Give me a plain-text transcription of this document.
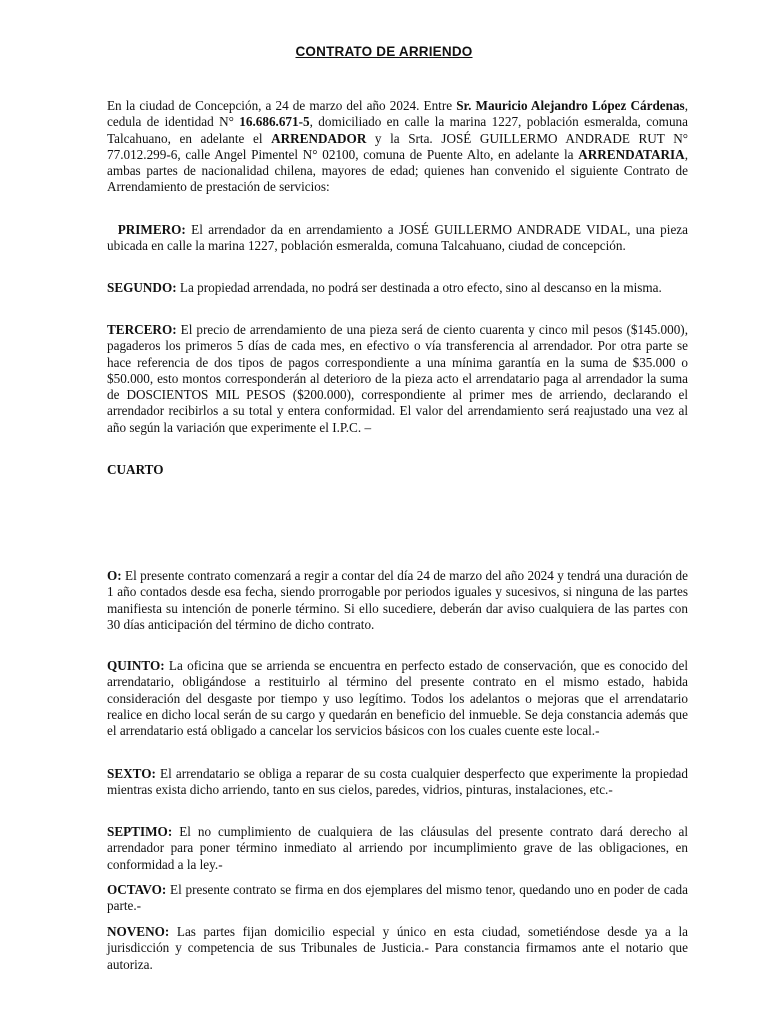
CONTRATO DE ARRIENDO

En la ciudad de Concepción, a 24 de marzo del año 2024. Entre Sr. Mauricio Alejandro López Cárdenas, cedula de identidad N° 16.686.671-5, domiciliado en calle la marina 1227, población esmeralda, comuna Talcahuano, en adelante el ARRENDADOR y la Srta. JOSÉ GUILLERMO ANDRADE RUT N° 77.012.299-6, calle Angel Pimentel N° 02100, comuna de Puente Alto, en adelante la ARRENDATARIA, ambas partes de nacionalidad chilena, mayores de edad; quienes han convenido el siguiente Contrato de Arrendamiento de prestación de servicios:

PRIMERO: El arrendador da en arrendamiento a JOSÉ GUILLERMO ANDRADE VIDAL, una pieza ubicada en calle la marina 1227, población esmeralda, comuna Talcahuano, ciudad de concepción.

SEGUNDO: La propiedad arrendada, no podrá ser destinada a otro efecto, sino al descanso en la misma.

TERCERO: El precio de arrendamiento de una pieza será de ciento cuarenta y cinco mil pesos ($145.000), pagaderos los primeros 5 días de cada mes, en efectivo o vía transferencia al arrendador. Por otra parte se hace referencia de dos tipos de pagos correspondiente a una mínima garantía en la suma de $35.000 o $50.000, esto montos corresponderán al deterioro de la pieza acto el arrendatario paga al arrendador la suma de DOSCIENTOS MIL PESOS ($200.000), correspondiente al primer mes de arriendo, declarando el arrendador recibirlos a su total y entera conformidad. El valor del arrendamiento será reajustado una vez al año según la variación que experimente el I.P.C. –

CUARTO

O: El presente contrato comenzará a regir a contar del día 24 de marzo del año 2024 y tendrá una duración de 1 año contados desde esa fecha, siendo prorrogable por periodos iguales y sucesivos, si ninguna de las partes manifiesta su intención de ponerle término. Si ello sucediere, deberán dar aviso cualquiera de las partes con 30 días anticipación del término de dicho contrato.

QUINTO: La oficina que se arrienda se encuentra en perfecto estado de conservación, que es conocido del arrendatario, obligándose a restituirlo al término del presente contrato en el mismo estado, habida consideración del desgaste por tiempo y uso legítimo. Todos los adelantos o mejoras que el arrendatario realice en dicho local serán de su cargo y quedarán en beneficio del inmueble. Se deja constancia además que el arrendatario está obligado a cancelar los servicios básicos con los cuales cuente este local.-

SEXTO: El arrendatario se obliga a reparar de su costa cualquier desperfecto que experimente la propiedad mientras exista dicho arriendo, tanto en sus cielos, paredes, vidrios, pinturas, instalaciones, etc.-

SEPTIMO: El no cumplimiento de cualquiera de las cláusulas del presente contrato dará derecho al arrendador para poner término inmediato al arriendo por incumplimiento grave de las obligaciones, en conformidad a la ley.-

OCTAVO: El presente contrato se firma en dos ejemplares del mismo tenor, quedando uno en poder de cada parte.-

NOVENO: Las partes fijan domicilio especial y único en esta ciudad, sometiéndose desde ya a la jurisdicción y competencia de sus Tribunales de Justicia.- Para constancia firmamos ante el notario que autoriza.
